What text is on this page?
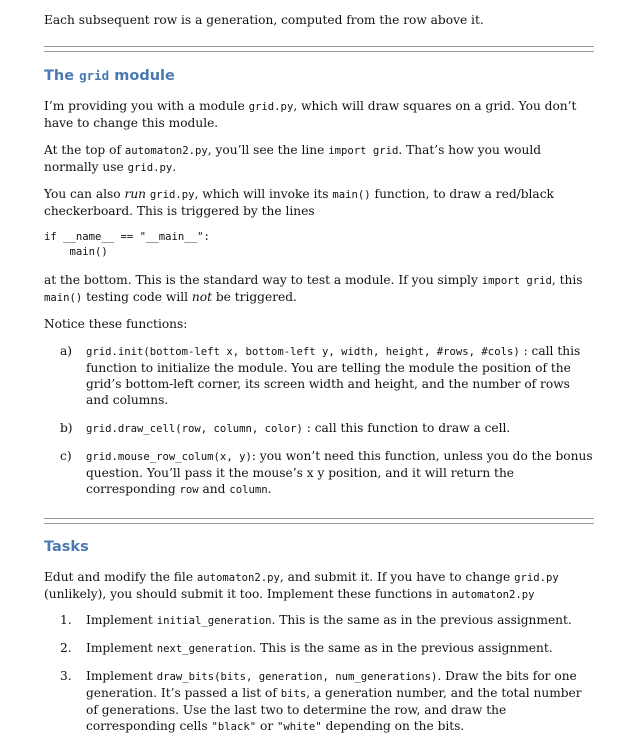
Each subsequent row is a generation, computed from the row above it.

The grid module

I’m providing you with a module grid.py, which will draw squares on a grid. You don’t have to change this module.

At the top of automaton2.py, you’ll see the line import grid. That’s how you would normally use grid.py.

You can also run grid.py, which will invoke its main() function, to draw a red/black checkerboard. This is triggered by the lines

if __name__ == "__main__":
main()

at the bottom. This is the standard way to test a module. If you simply import grid, this main() testing code will not be triggered.

Notice these functions:

a) grid.init(bottom-left x, bottom-left y, width, height, #rows, #cols) : call this function to initialize the module. You are telling the module the position of the grid’s bottom-left corner, its screen width and height, and the number of rows and columns.
b) grid.draw_cell(row, column, color) : call this function to draw a cell.
c) grid.mouse_row_colum(x, y): you won’t need this function, unless you do the bonus question. You’ll pass it the mouse’s x y position, and it will return the corresponding row and column.
Tasks

Edut and modify the file automaton2.py, and submit it. If you have to change grid.py (unlikely), you should submit it too. Implement these functions in automaton2.py

1. Implement initial_generation. This is the same as in the previous assignment.
2. Implement next_generation. This is the same as in the previous assignment.
3. Implement draw_bits(bits, generation, num_generations). Draw the bits for one generation. It’s passed a list of bits, a generation number, and the total number of generations. Use the last two to determine the row, and draw the corresponding cells "black" or "white" depending on the bits.
